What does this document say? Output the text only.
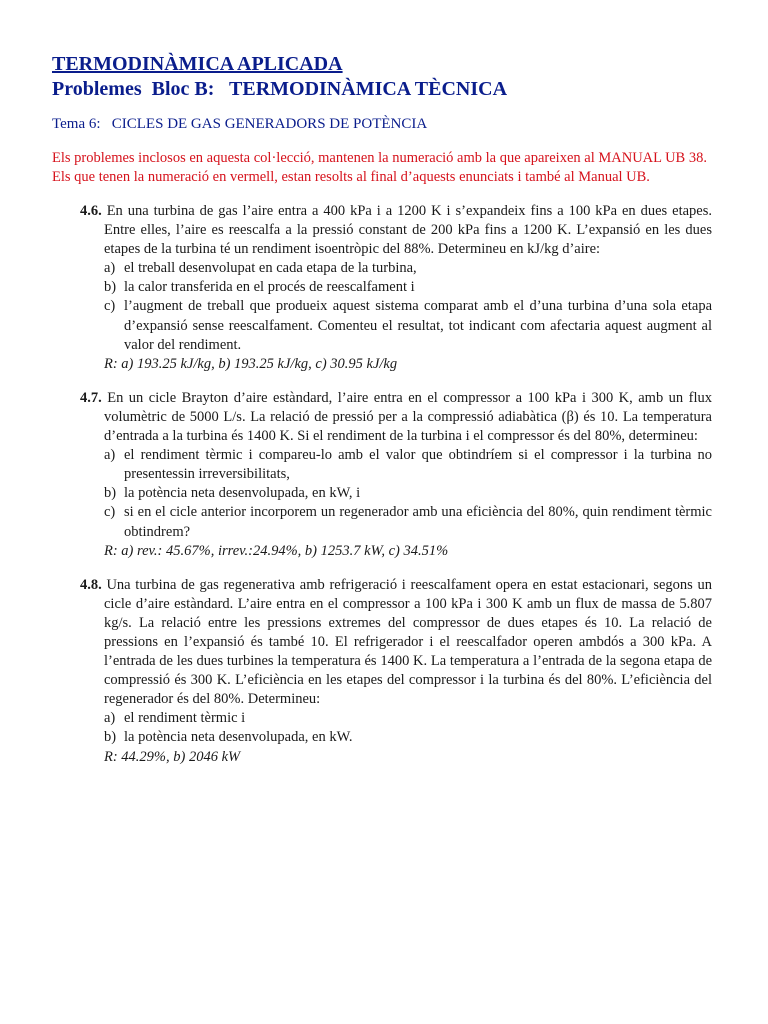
TERMODINÀMICA APLICADA
Problemes  Bloc B:   TERMODINÀMICA TÈCNICA
Tema 6:   CICLES DE GAS GENERADORS DE POTÈNCIA

Els problemes inclosos en aquesta col·lecció, mantenen la numeració amb la que apareixen al MANUAL UB 38.

Els que tenen la numeració en vermell, estan resolts al final d’aquests enunciats i també al Manual UB.

4.6. En una turbina de gas l’aire entra a 400 kPa i a 1200 K i s’expandeix fins a 100 kPa en dues etapes. Entre elles, l’aire es reescalfa a la pressió constant de 200 kPa fins a 1200 K. L’expansió en les dues etapes de la turbina té un rendiment isoentròpic del 88%. Determineu en kJ/kg d’aire:

a) el treball desenvolupat en cada etapa de la turbina,
b) la calor transferida en el procés de reescalfament i
c) l’augment de treball que produeix aquest sistema comparat amb el d’una turbina d’una sola etapa d’expansió sense reescalfament. Comenteu el resultat, tot indicant com afectaria aquest augment al valor del rendiment.

R: a) 193.25 kJ/kg, b) 193.25 kJ/kg, c) 30.95 kJ/kg

4.7. En un cicle Brayton d’aire estàndard, l’aire entra en el compressor a 100 kPa i 300 K, amb un flux volumètric de 5000 L/s. La relació de pressió per a la compressió adiabàtica (β) és 10. La temperatura d’entrada a la turbina és 1400 K. Si el rendiment de la turbina i el compressor és del 80%, determineu:

a) el rendiment tèrmic i compareu-lo amb el valor que obtindríem si el compressor i la turbina no presentessin irreversibilitats,
b) la potència neta desenvolupada, en kW, i
c) si en el cicle anterior incorporem un regenerador amb una eficiència del 80%, quin rendiment tèrmic obtindrem?

R: a) rev.: 45.67%, irrev.:24.94%, b) 1253.7 kW, c) 34.51%

4.8. Una turbina de gas regenerativa amb refrigeració i reescalfament opera en estat estacionari, segons un cicle d’aire estàndard. L’aire entra en el compressor a 100 kPa i 300 K amb un flux de massa de 5.807 kg/s. La relació entre les pressions extremes del compressor de dues etapes és 10. La relació de pressions en l’expansió és també 10. El refrigerador i el reescalfador operen ambdós a 300 kPa. A l’entrada de les dues turbines la temperatura és 1400 K. La temperatura a l’entrada de la segona etapa de compressió és 300 K. L’eficiència en les etapes del compressor i la turbina és del 80%. L’eficiència del regenerador és del 80%. Determineu:

a) el rendiment tèrmic i
b) la potència neta desenvolupada, en kW.

R: 44.29%, b) 2046 kW
